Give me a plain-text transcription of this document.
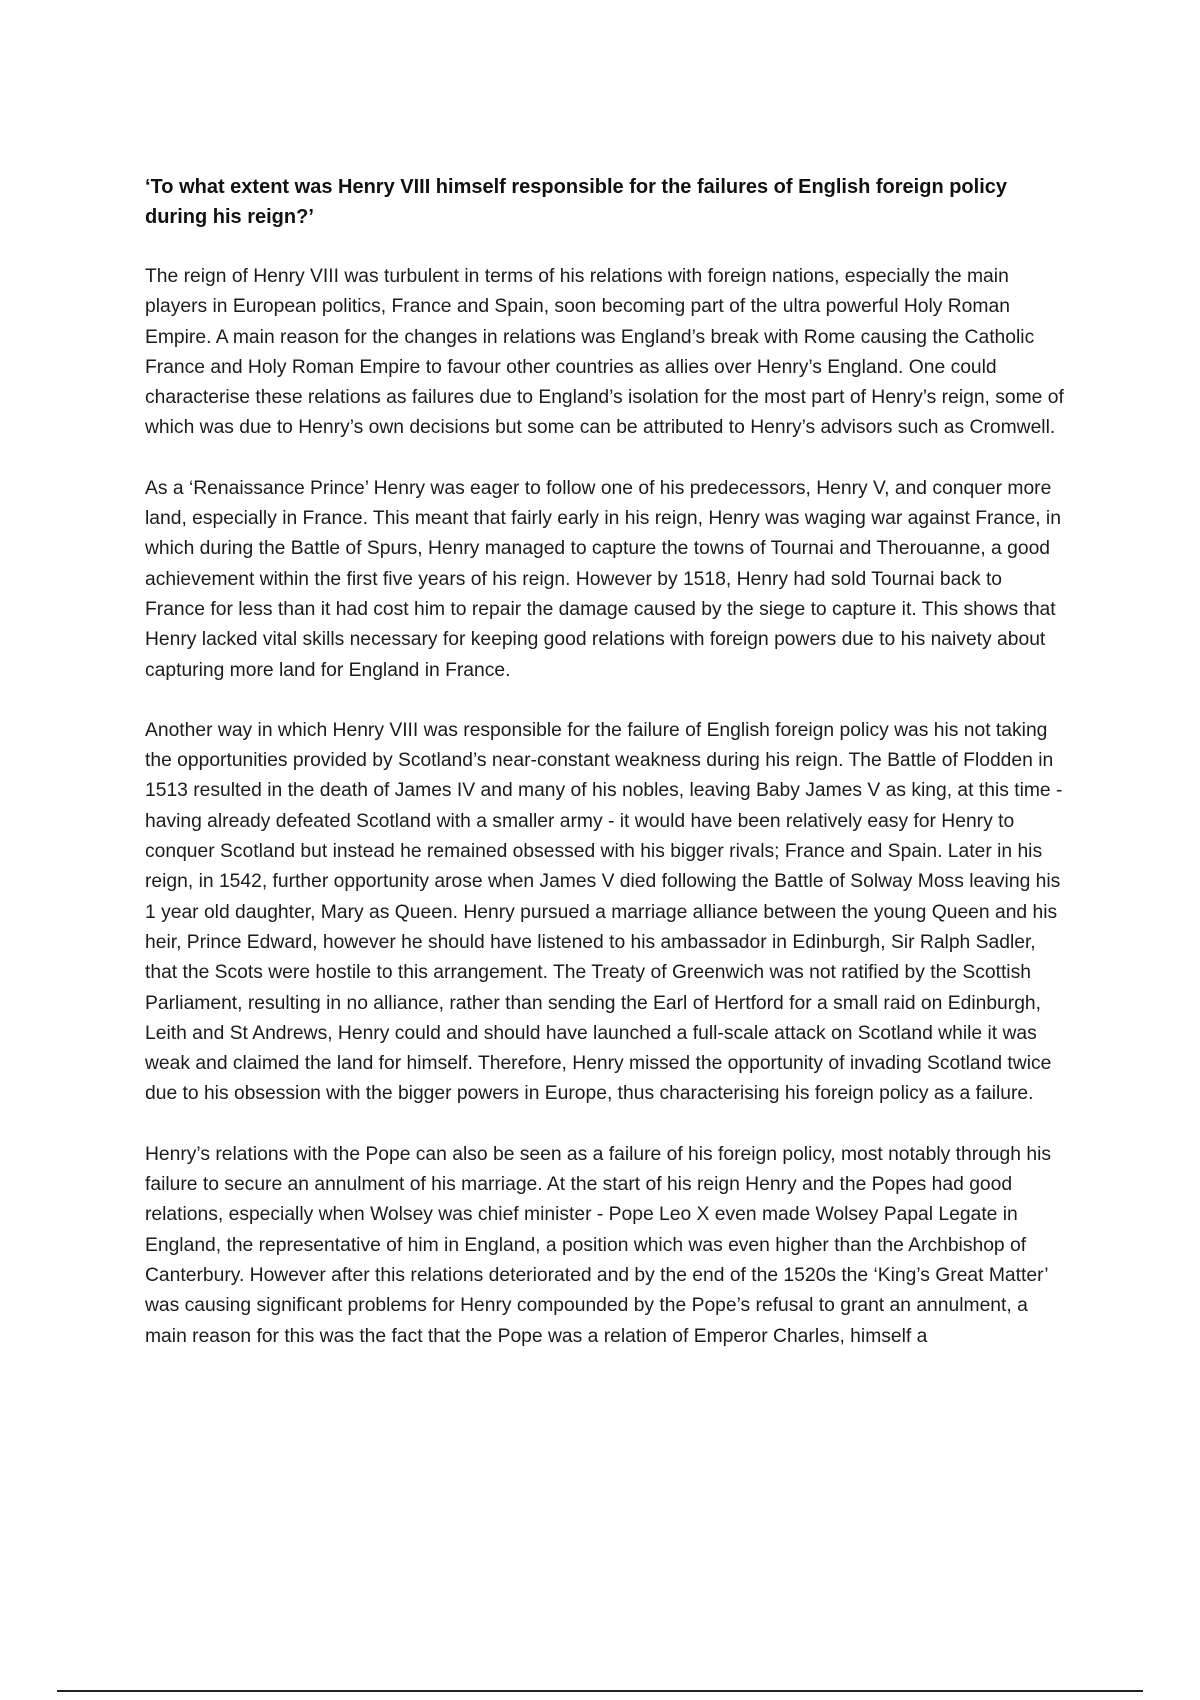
‘To what extent was Henry VIII himself responsible for the failures of English foreign policy during his reign?’

The reign of Henry VIII was turbulent in terms of his relations with foreign nations, especially the main players in European politics, France and Spain, soon becoming part of the ultra powerful Holy Roman Empire. A main reason for the changes in relations was England’s break with Rome causing the Catholic France and Holy Roman Empire to favour other countries as allies over Henry’s England. One could characterise these relations as failures due to England’s isolation for the most part of Henry’s reign, some of which was due to Henry’s own decisions but some can be attributed to Henry’s advisors such as Cromwell.

As a ‘Renaissance Prince’ Henry was eager to follow one of his predecessors, Henry V, and conquer more land, especially in France. This meant that fairly early in his reign, Henry was waging war against France, in which during the Battle of Spurs, Henry managed to capture the towns of Tournai and Therouanne, a good achievement within the first five years of his reign. However by 1518, Henry had sold Tournai back to France for less than it had cost him to repair the damage caused by the siege to capture it. This shows that Henry lacked vital skills necessary for keeping good relations with foreign powers due to his naivety about capturing more land for England in France.

Another way in which Henry VIII was responsible for the failure of English foreign policy was his not taking the opportunities provided by Scotland’s near-constant weakness during his reign. The Battle of Flodden in 1513 resulted in the death of James IV and many of his nobles, leaving Baby James V as king, at this time - having already defeated Scotland with a smaller army - it would have been relatively easy for Henry to conquer Scotland but instead he remained obsessed with his bigger rivals; France and Spain. Later in his reign, in 1542, further opportunity arose when James V died following the Battle of Solway Moss leaving his 1 year old daughter, Mary as Queen. Henry pursued a marriage alliance between the young Queen and his heir, Prince Edward, however he should have listened to his ambassador in Edinburgh, Sir Ralph Sadler, that the Scots were hostile to this arrangement. The Treaty of Greenwich was not ratified by the Scottish Parliament, resulting in no alliance, rather than sending the Earl of Hertford for a small raid on Edinburgh, Leith and St Andrews, Henry could and should have launched a full-scale attack on Scotland while it was weak and claimed the land for himself. Therefore, Henry missed the opportunity of invading Scotland twice due to his obsession with the bigger powers in Europe, thus characterising his foreign policy as a failure.

Henry’s relations with the Pope can also be seen as a failure of his foreign policy, most notably through his failure to secure an annulment of his marriage. At the start of his reign Henry and the Popes had good relations, especially when Wolsey was chief minister - Pope Leo X even made Wolsey Papal Legate in England, the representative of him in England, a position which was even higher than the Archbishop of Canterbury. However after this relations deteriorated and by the end of the 1520s the ‘King’s Great Matter’ was causing significant problems for Henry compounded by the Pope’s refusal to grant an annulment, a main reason for this was the fact that the Pope was a relation of Emperor Charles, himself a
